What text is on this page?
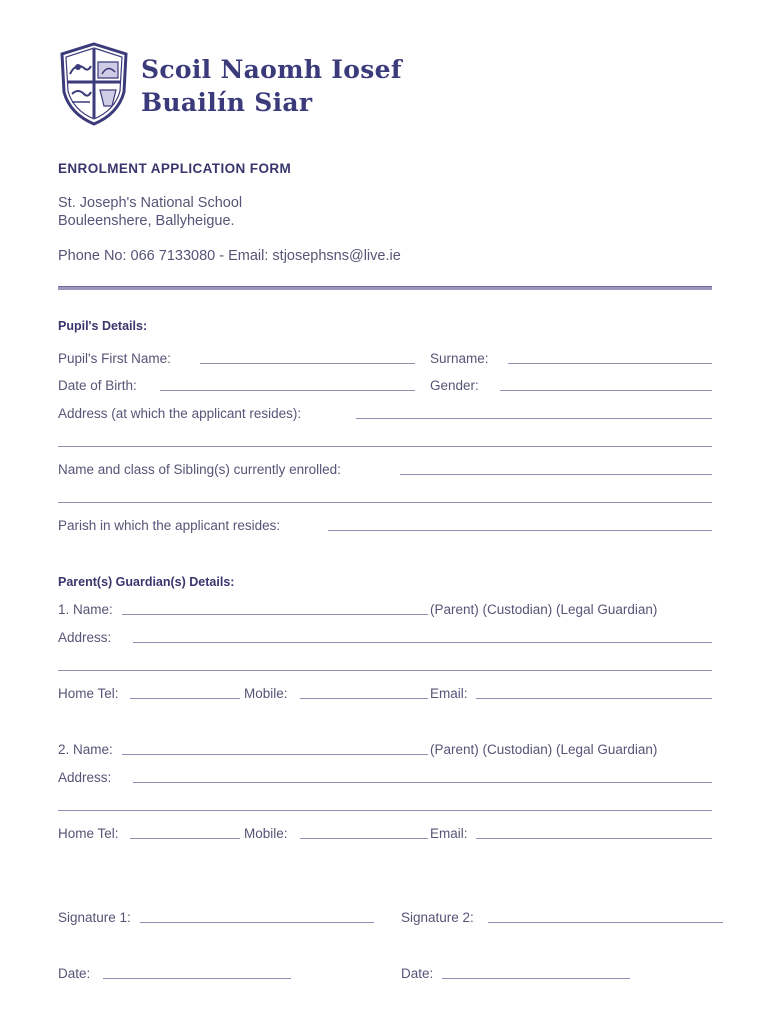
Scoil Naomh Iosef
Buailín Siar
ENROLMENT APPLICATION FORM
St. Joseph's National School
Bouleenshere, Ballyheigue.
Phone No: 066 7133080 - Email: stjosephsns@live.ie
Pupil's Details:
Pupil's First Name:	Surname:
Date of Birth:	Gender:
Address (at which the applicant resides):
Name and class of Sibling(s) currently enrolled:
Parish in which the applicant resides:
Parent(s) Guardian(s) Details:
1. Name:	(Parent) (Custodian) (Legal Guardian)
Address:
Home Tel:	Mobile:	Email:
2. Name:	(Parent) (Custodian) (Legal Guardian)
Address:
Home Tel:	Mobile:	Email:
Signature 1:	Signature 2:
Date:	Date:
